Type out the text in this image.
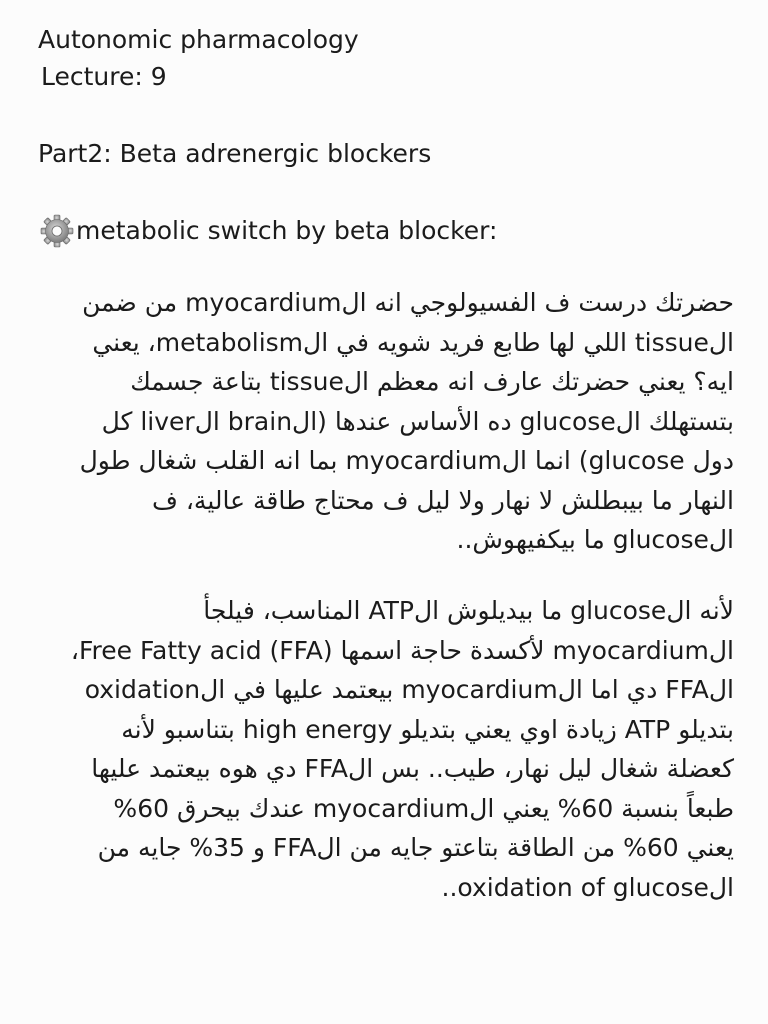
Autonomic pharmacology
Lecture: 9
Part2: Beta adrenergic blockers
metabolic switch by beta blocker:
حضرتك درست ف الفسيولوجي انه الmyocardium من ضمن
الtissue اللي لها طابع فريد شويه في الmetabolism، يعني
ايه؟ يعني حضرتك عارف انه معظم الtissue بتاعة جسمك
بتستهلك الglucose ده الأساس عندها (الbrain الliver كل
دول glucose) انما الmyocardium بما انه القلب شغال طول
النهار ما بيبطلش لا نهار ولا ليل ف محتاج طاقة عالية، ف
الglucose ما بيكفيهوش..
لأنه الglucose ما بيديلوش الATP المناسب، فيلجأ
الmyocardium لأكسدة حاجة اسمها Free Fatty acid (FFA)،
الFFA دي اما الmyocardium بيعتمد عليها في الoxidation
بتديلو ATP زيادة اوي يعني بتديلو high energy بتناسبو لأنه
كعضلة شغال ليل نهار، طيب.. بس الFFA دي هوه بيعتمد عليها
طبعاً بنسبة 60% يعني الmyocardium عندك بيحرق 60%
يعني 60% من الطاقة بتاعتو جايه من الFFA و 35% جايه من
الoxidation of glucose..
